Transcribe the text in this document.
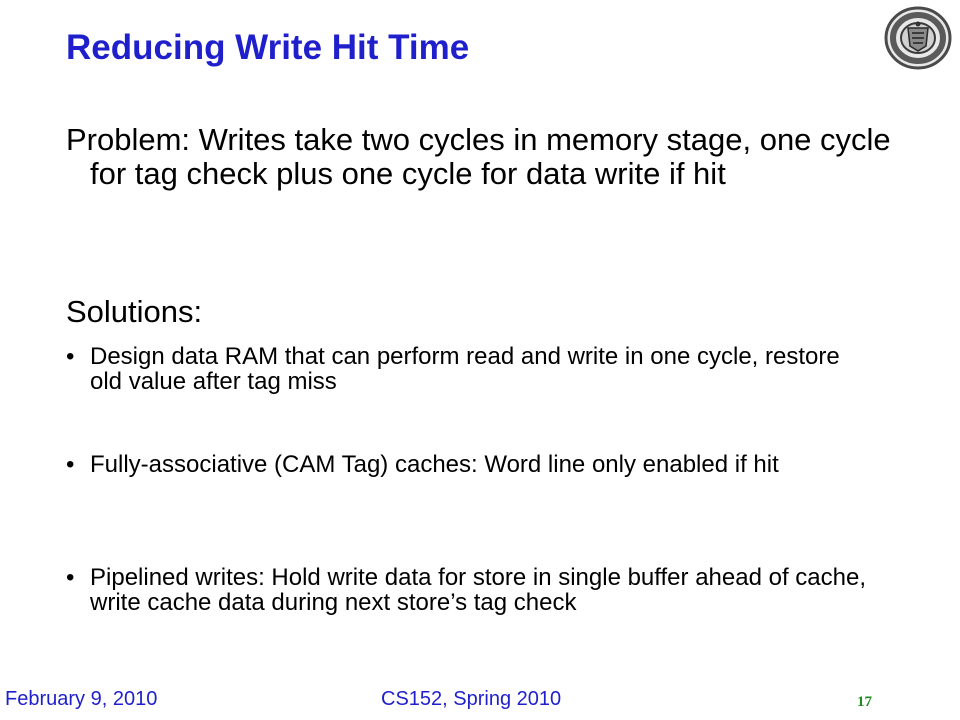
Reducing Write Hit Time

Problem: Writes take two cycles in memory stage, one cycle for tag check plus one cycle for data write if hit

Solutions:

• Design data RAM that can perform read and write in one cycle, restore old value after tag miss
• Fully-associative (CAM Tag) caches: Word line only enabled if hit
• Pipelined writes: Hold write data for store in single buffer ahead of cache, write cache data during next store’s tag check
February 9, 2010	CS152, Spring 2010	17
